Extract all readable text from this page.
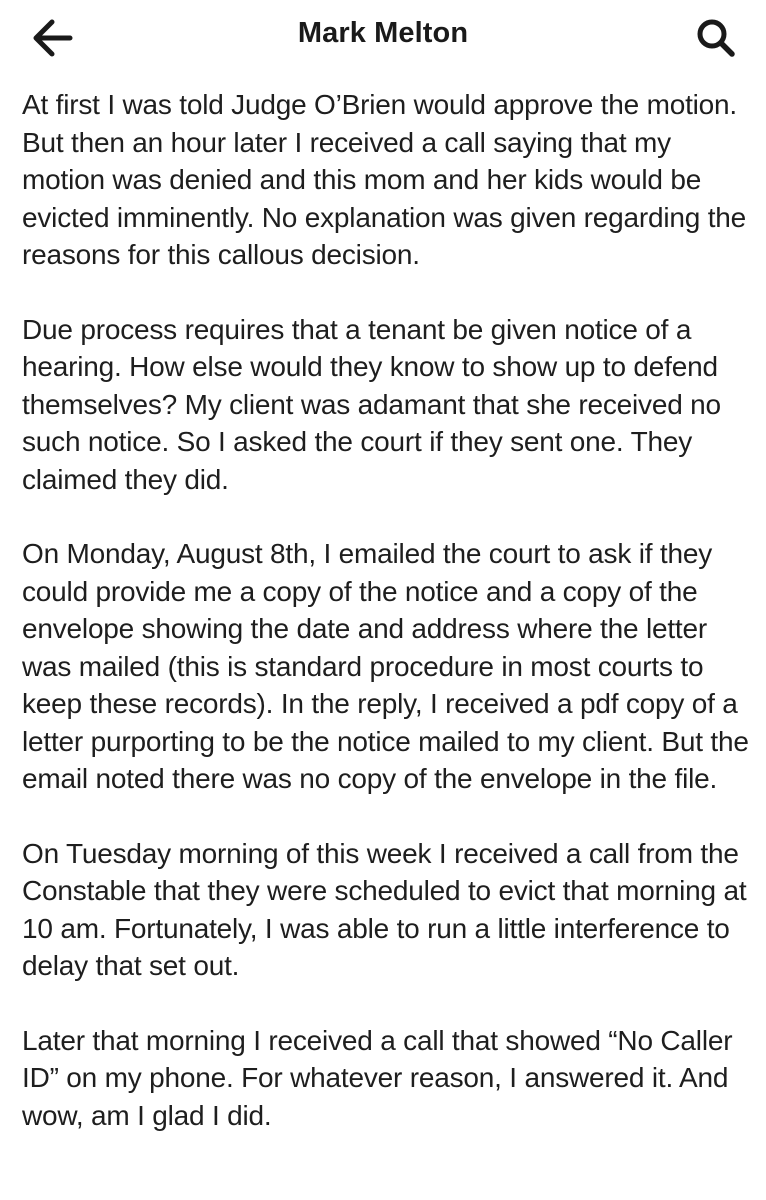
Mark Melton

At first I was told Judge O’Brien would approve the motion. But then an hour later I received a call saying that my motion was denied and this mom and her kids would be evicted imminently. No explanation was given regarding the reasons for this callous decision.

Due process requires that a tenant be given notice of a hearing. How else would they know to show up to defend themselves? My client was adamant that she received no such notice. So I asked the court if they sent one. They claimed they did.

On Monday, August 8th, I emailed the court to ask if they could provide me a copy of the notice and a copy of the envelope showing the date and address where the letter was mailed (this is standard procedure in most courts to keep these records). In the reply, I received a pdf copy of a letter purporting to be the notice mailed to my client. But the email noted there was no copy of the envelope in the file.

On Tuesday morning of this week I received a call from the Constable that they were scheduled to evict that morning at 10 am. Fortunately, I was able to run a little interference to delay that set out.

Later that morning I received a call that showed “No Caller ID” on my phone. For whatever reason, I answered it. And wow, am I glad I did.
